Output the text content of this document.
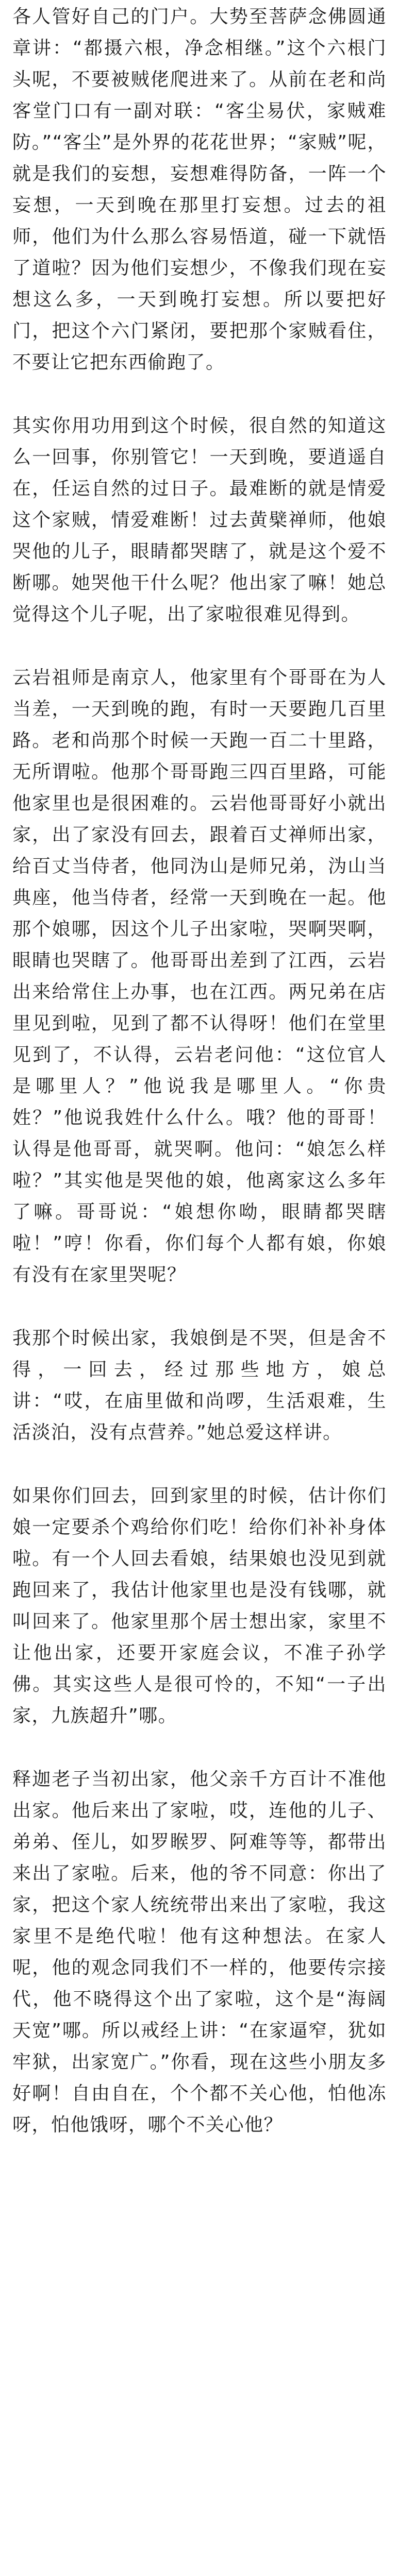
各人管好自己的门户。大势至菩萨念佛圆通章讲：“都摄六根，净念相继。”这个六根门头呢，不要被贼佬爬进来了。从前在老和尚客堂门口有一副对联：“客尘易伏，家贼难防。”“客尘”是外界的花花世界；“家贼”呢，就是我们的妄想，妄想难得防备，一阵一个妄想，一天到晚在那里打妄想。过去的祖师，他们为什么那么容易悟道，碰一下就悟了道啦？因为他们妄想少，不像我们现在妄想这么多，一天到晚打妄想。所以要把好门，把这个六门紧闭，要把那个家贼看住，不要让它把东西偷跑了。

其实你用功用到这个时候，很自然的知道这么一回事，你别管它！一天到晚，要逍遥自在，任运自然的过日子。最难断的就是情爱这个家贼，情爱难断！过去黄檗禅师，他娘哭他的儿子，眼睛都哭瞎了，就是这个爱不断哪。她哭他干什么呢？他出家了嘛！她总觉得这个儿子呢，出了家啦很难见得到。

云岩祖师是南京人，他家里有个哥哥在为人当差，一天到晚的跑，有时一天要跑几百里路。老和尚那个时候一天跑一百二十里路，无所谓啦。他那个哥哥跑三四百里路，可能他家里也是很困难的。云岩他哥哥好小就出家，出了家没有回去，跟着百丈禅师出家，给百丈当侍者，他同沩山是师兄弟，沩山当典座，他当侍者，经常一天到晚在一起。他那个娘哪，因这个儿子出家啦，哭啊哭啊，眼睛也哭瞎了。他哥哥出差到了江西，云岩出来给常住上办事，也在江西。两兄弟在店里见到啦，见到了都不认得呀！他们在堂里见到了，不认得，云岩老问他：“这位官人是哪里人？”他说我是哪里人。“你贵姓？”他说我姓什么什么。哦？他的哥哥！认得是他哥哥，就哭啊。他问：“娘怎么样啦？”其实他是哭他的娘，他离家这么多年了嘛。哥哥说：“娘想你呦，眼睛都哭瞎啦！”哼！你看，你们每个人都有娘，你娘有没有在家里哭呢？

我那个时候出家，我娘倒是不哭，但是舍不得，一回去，经过那些地方，娘总讲：“哎，在庙里做和尚啰，生活艰难，生活淡泊，没有点营养。”她总爱这样讲。

如果你们回去，回到家里的时候，估计你们娘一定要杀个鸡给你们吃！给你们补补身体啦。有一个人回去看娘，结果娘也没见到就跑回来了，我估计他家里也是没有钱哪，就叫回来了。他家里那个居士想出家，家里不让他出家，还要开家庭会议，不准子孙学佛。其实这些人是很可怜的，不知“一子出家，九族超升”哪。

释迦老子当初出家，他父亲千方百计不准他出家。他后来出了家啦，哎，连他的儿子、弟弟、侄儿，如罗睺罗、阿难等等，都带出来出了家啦。后来，他的爷不同意：你出了家，把这个家人统统带出来出了家啦，我这家里不是绝代啦！他有这种想法。在家人呢，他的观念同我们不一样的，他要传宗接代，他不晓得这个出了家啦，这个是“海阔天宽”哪。所以戒经上讲：“在家逼窄，犹如牢狱，出家宽广。”你看，现在这些小朋友多好啊！自由自在，个个都不关心他，怕他冻呀，怕他饿呀，哪个不关心他？
